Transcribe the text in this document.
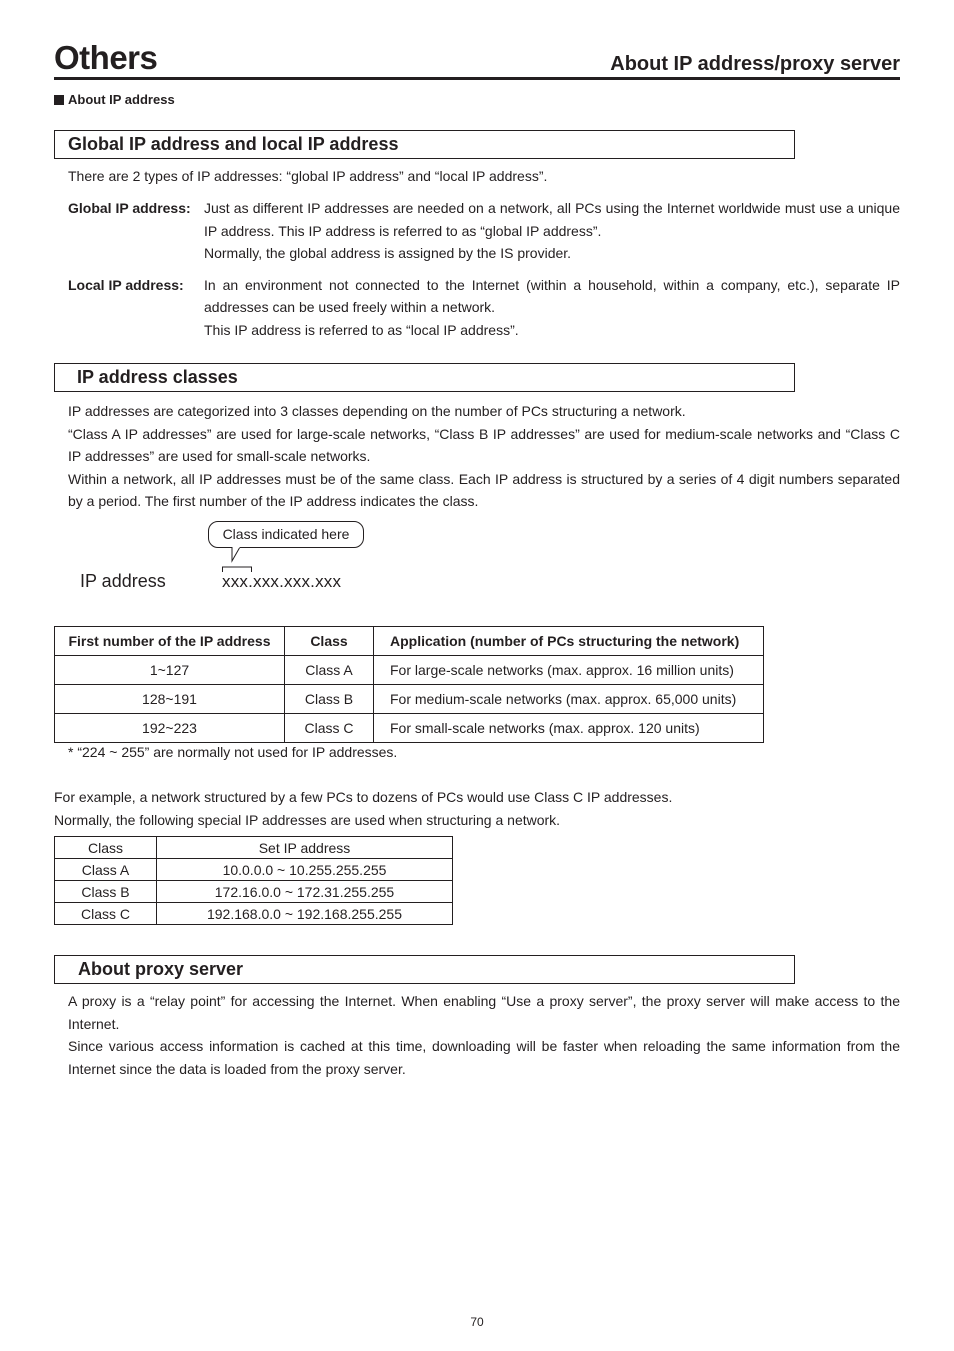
Others	About IP address/proxy server
About IP address
Global IP address and local IP address
There are 2 types of IP addresses: “global IP address” and “local IP address”.
Global IP address: Just as different IP addresses are needed on a network, all PCs using the Internet worldwide must use a unique IP address. This IP address is referred to as “global IP address”.

Normally, the global address is assigned by the IS provider.

Local IP address:	In an environment not connected to the Internet (within a household, within a company, etc.), separate IP addresses can be used freely within a network.

This IP address is referred to as “local IP address”.

IP address classes

IP addresses are categorized into 3 classes depending on the number of PCs structuring a network.

“Class A IP addresses” are used for large-scale networks, “Class B IP addresses” are used for medium-scale networks and “Class C IP addresses” are used for small-scale networks.

Within a network, all IP addresses must be of the same class. Each IP address is structured by a series of 4 digit numbers separated by a period. The first number of the IP address indicates the class.

Class indicated here
IP address	xxx.xxx.xxx.xxx
First number of the IP address	Class	Application (number of PCs structuring the network)
1~127	Class A	For large-scale networks (max. approx. 16 million units)
128~191	Class B	For medium-scale networks (max. approx. 65,000 units)
192~223	Class C	For small-scale networks (max. approx. 120 units)
* “224 ~ 255” are normally not used for IP addresses.

For example, a network structured by a few PCs to dozens of PCs would use Class C IP addresses.

Normally, the following special IP addresses are used when structuring a network.

Class	Set IP address
Class A	10.0.0.0 ~ 10.255.255.255
Class B	172.16.0.0 ~ 172.31.255.255
Class C	192.168.0.0 ~ 192.168.255.255
About proxy server

A proxy is a “relay point” for accessing the Internet. When enabling “Use a proxy server”, the proxy server will make access to the Internet.

Since various access information is cached at this time, downloading will be faster when reloading the same information from the Internet since the data is loaded from the proxy server.

70
